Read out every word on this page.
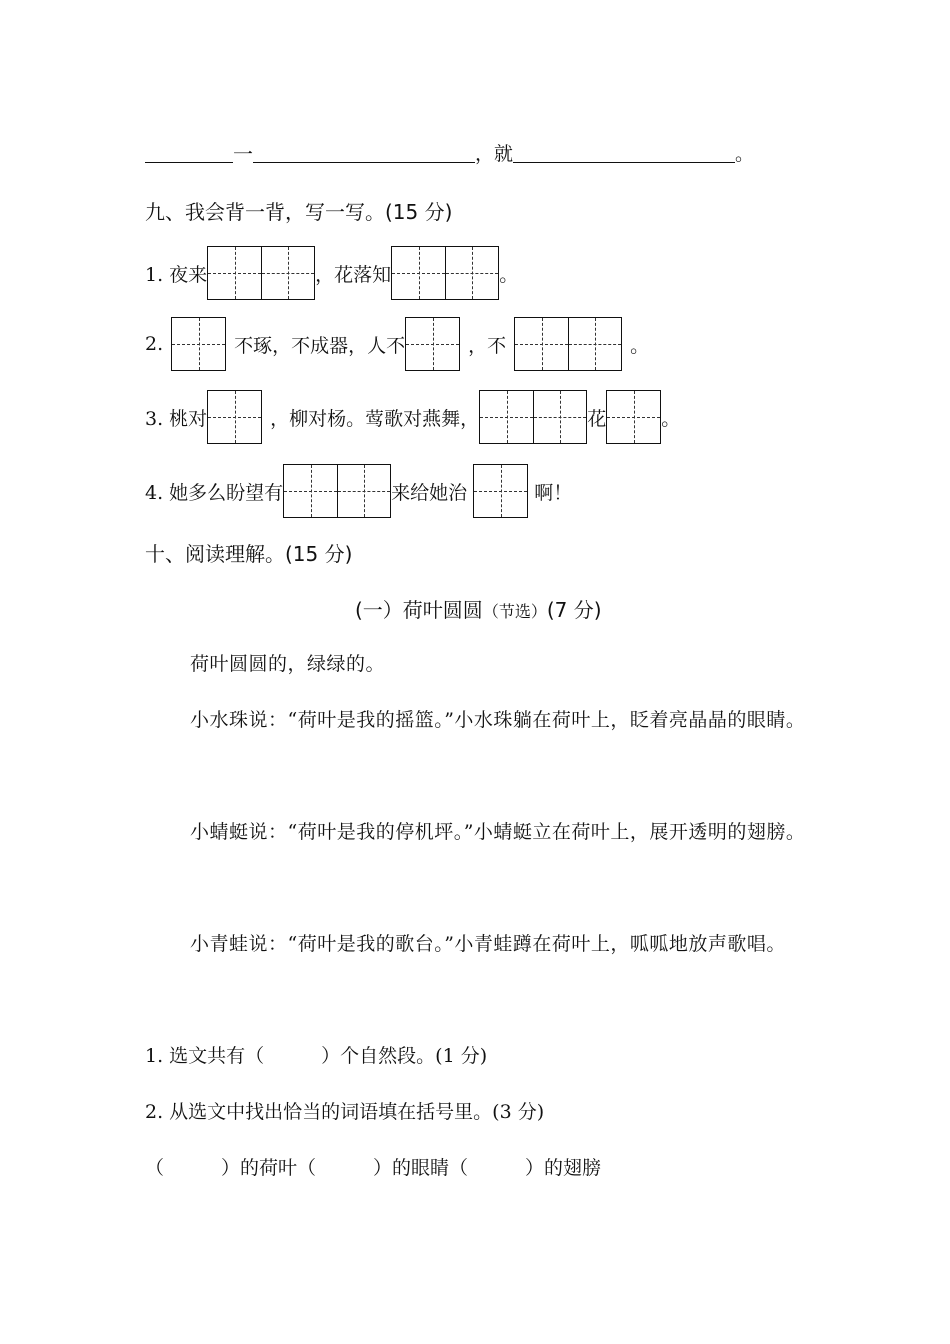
一	，就	。
九、我会背一背，写一写。(15 分)
1. 夜来	，花落知	。
2.	不琢，不成器，人不	，不	。
3. 桃对	，柳对杨。莺歌对燕舞，	花	。
4. 她多么盼望有	来给她治	啊！
十、阅读理解。(15 分)
(一）荷叶圆圆（节选）(7 分)
荷叶圆圆的，绿绿的。
小水珠说：“荷叶是我的摇篮。”小水珠躺在荷叶上，眨着亮晶晶的眼睛。
小蜻蜓说：“荷叶是我的停机坪。”小蜻蜓立在荷叶上，展开透明的翅膀。
小青蛙说：“荷叶是我的歌台。”小青蛙蹲在荷叶上，呱呱地放声歌唱。
1. 选文共有（　　　）个自然段。(1 分)
2. 从选文中找出恰当的词语填在括号里。(3 分)
（　　　）的荷叶（　　　）的眼睛（　　　）的翅膀
